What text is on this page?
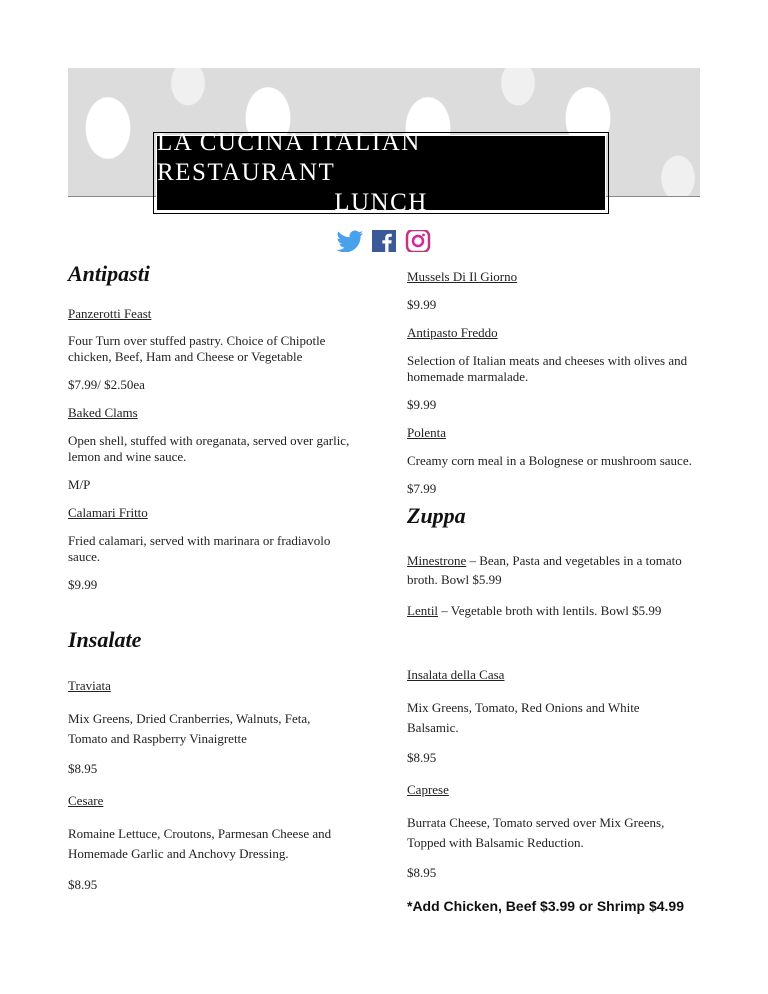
LA CUCINA ITALIAN RESTAURANT
LUNCH
Antipasti
Panzerotti Feast
Four Turn over stuffed pastry. Choice of Chipotle chicken, Beef, Ham and Cheese or Vegetable
$7.99/ $2.50ea
Baked Clams
Open shell, stuffed with oreganata, served over garlic, lemon and wine sauce.
M/P
Calamari Fritto
Fried calamari, served with marinara or fradiavolo sauce.
$9.99
Insalate
Traviata
Mix Greens, Dried Cranberries, Walnuts, Feta, Tomato and Raspberry Vinaigrette
$8.95
Cesare
Romaine Lettuce, Croutons, Parmesan Cheese and Homemade Garlic and Anchovy Dressing.
$8.95
Mussels Di Il Giorno
$9.99
Antipasto Freddo
Selection of Italian meats and cheeses with olives and homemade marmalade.
$9.99
Polenta
Creamy corn meal in a Bolognese or mushroom sauce.
$7.99
Zuppa
Minestrone – Bean, Pasta and vegetables in a tomato broth. Bowl $5.99
Lentil – Vegetable broth with lentils. Bowl $5.99
Insalata della Casa
Mix Greens, Tomato, Red Onions and White Balsamic.
$8.95
Caprese
Burrata Cheese, Tomato served over Mix Greens, Topped with Balsamic Reduction.
$8.95
*Add Chicken, Beef $3.99 or Shrimp $4.99
